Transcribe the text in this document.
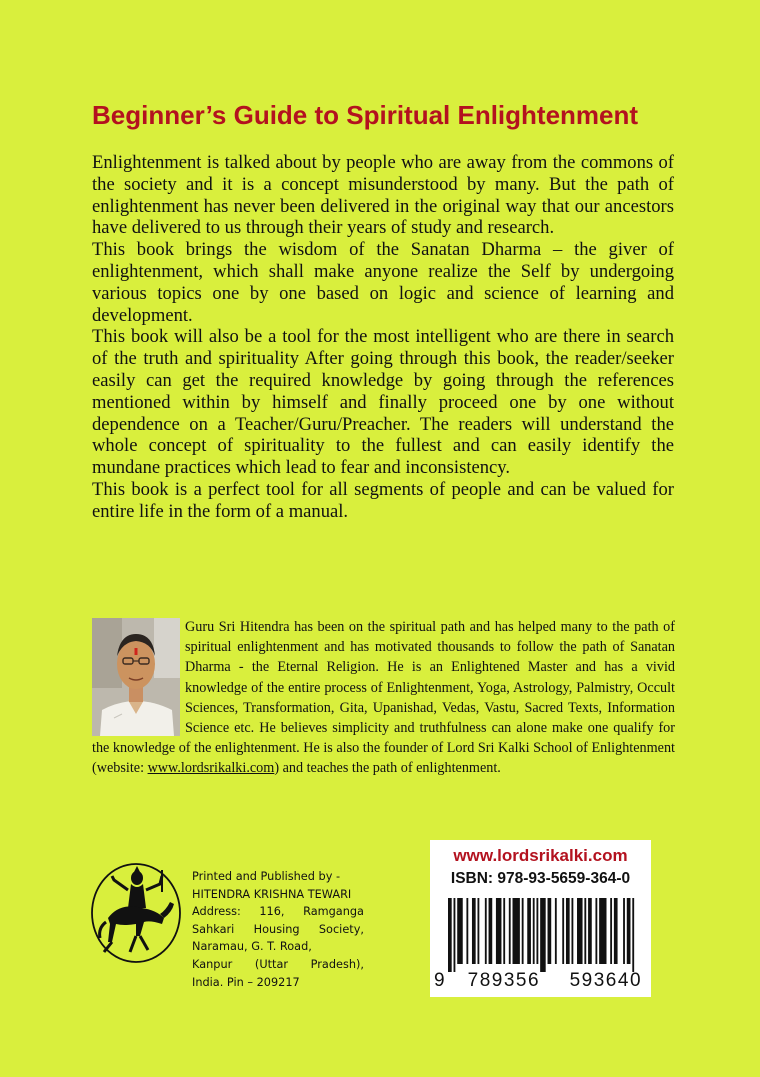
Beginner’s Guide to Spiritual Enlightenment

Enlightenment is talked about by people who are away from the commons of the society and it is a concept misunderstood by many. But the path of enlightenment has never been delivered in the original way that our ancestors have delivered to us through their years of study and research.

This book brings the wisdom of the Sanatan Dharma – the giver of enlightenment, which shall make anyone realize the Self by undergoing various topics one by one based on logic and science of learning and development.

This book will also be a tool for the most intelligent who are there in search of the truth and spirituality After going through this book, the reader/seeker easily can get the required knowledge by going through the references mentioned within by himself and finally proceed one by one without dependence on a Teacher/Guru/Preacher. The readers will understand the whole concept of spirituality to the fullest and can easily identify the mundane practices which lead to fear and inconsistency.

This book is a perfect tool for all segments of people and can be valued for entire life in the form of a manual.

Guru Sri Hitendra has been on the spiritual path and has helped many to the path of spiritual enlightenment and has motivated thousands to follow the path of Sanatan Dharma - the Eternal Religion. He is an Enlightened Master and has a vivid knowledge of the entire process of Enlightenment, Yoga, Astrology, Palmistry, Occult Sciences, Transformation, Gita, Upanishad, Vedas, Vastu, Sacred Texts, Information Science etc. He believes simplicity and truthfulness can alone make one qualify for the knowledge of the enlightenment. He is also the founder of Lord Sri Kalki School of Enlightenment (website: www.lordsrikalki.com) and teaches the path of enlightenment.
Printed and Published by -
HITENDRA KRISHNA TEWARI
Address: 116, Ramganga
Sahkari Housing Society,
Naramau, G. T. Road,
Kanpur (Uttar Pradesh),
India. Pin – 209217
www.lordsrikalki.com
ISBN: 978-93-5659-364-0
9 789356 593640
